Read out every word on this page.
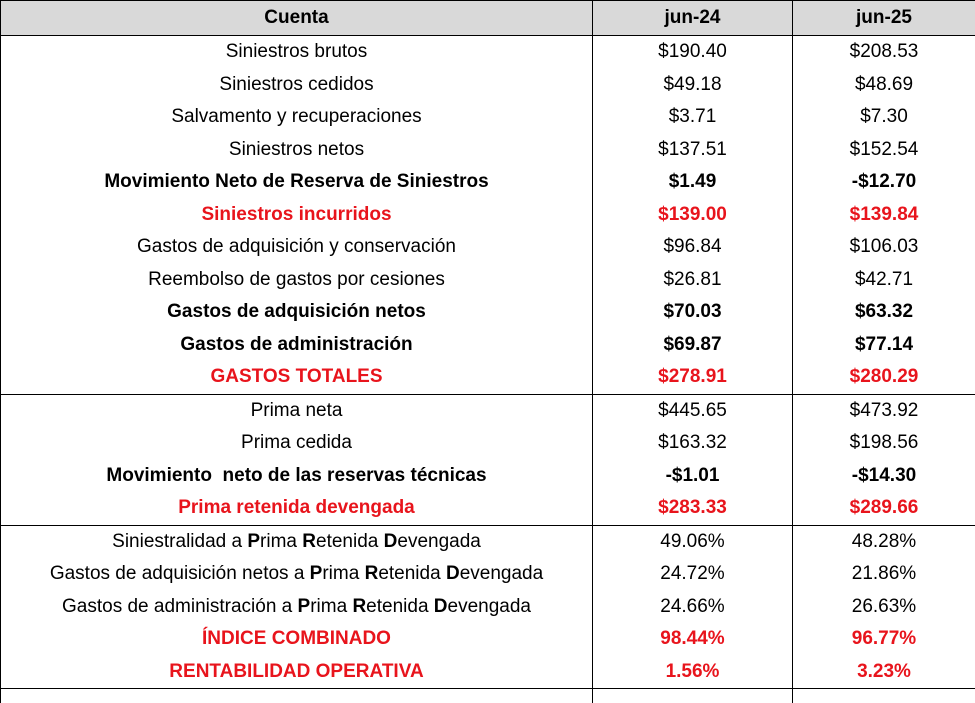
Cuenta	jun-24	jun-25
Siniestros brutos	$190.40	$208.53
Siniestros cedidos	$49.18	$48.69
Salvamento y recuperaciones	$3.71	$7.30
Siniestros netos	$137.51	$152.54
Movimiento Neto de Reserva de Siniestros	$1.49	-$12.70
Siniestros incurridos	$139.00	$139.84
Gastos de adquisición y conservación	$96.84	$106.03
Reembolso de gastos por cesiones	$26.81	$42.71
Gastos de adquisición netos	$70.03	$63.32
Gastos de administración	$69.87	$77.14
GASTOS TOTALES	$278.91	$280.29
Prima neta	$445.65	$473.92
Prima cedida	$163.32	$198.56
Movimiento  neto de las reservas técnicas	-$1.01	-$14.30
Prima retenida devengada	$283.33	$289.66
Siniestralidad a Prima Retenida Devengada	49.06%	48.28%
Gastos de adquisición netos a Prima Retenida Devengada	24.72%	21.86%
Gastos de administración a Prima Retenida Devengada	24.66%	26.63%
ÍNDICE COMBINADO	98.44%	96.77%
RENTABILIDAD OPERATIVA	1.56%	3.23%
